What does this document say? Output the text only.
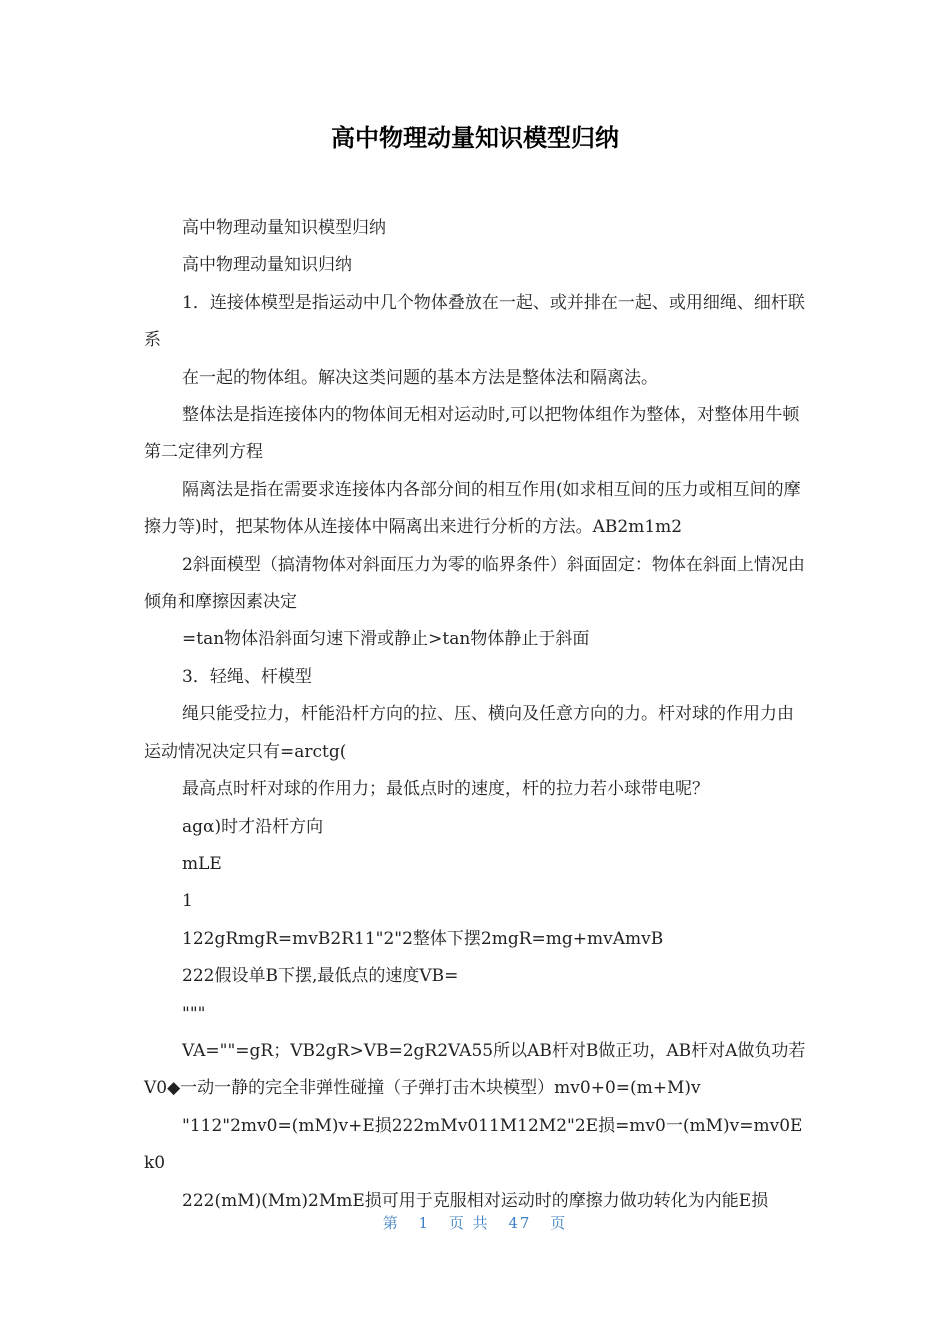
高中物理动量知识模型归纳

高中物理动量知识模型归纳

高中物理动量知识归纳

1．连接体模型是指运动中几个物体叠放在一起、或并排在一起、或用细绳、细杆联系

在一起的物体组。解决这类问题的基本方法是整体法和隔离法。

整体法是指连接体内的物体间无相对运动时,可以把物体组作为整体，对整体用牛顿第二定律列方程

隔离法是指在需要求连接体内各部分间的相互作用(如求相互间的压力或相互间的摩擦力等)时，把某物体从连接体中隔离出来进行分析的方法。AB2m1m2

2斜面模型（搞清物体对斜面压力为零的临界条件）斜面固定：物体在斜面上情况由倾角和摩擦因素决定

=tan物体沿斜面匀速下滑或静止>tan物体静止于斜面

3．轻绳、杆模型

绳只能受拉力，杆能沿杆方向的拉、压、横向及任意方向的力。杆对球的作用力由运动情况决定只有=arctg(

最高点时杆对球的作用力；最低点时的速度，杆的拉力若小球带电呢？

agα)时才沿杆方向

mLE

1

122gRmgR=mvB2R11"2"2整体下摆2mgR=mg+mvAmvB

222假设单B下摆,最低点的速度VB=

"""

VA=""=gR；VB2gR>VB=2gR2VA55所以AB杆对B做正功，AB杆对A做负功若V0◆一动一静的完全非弹性碰撞（子弹打击木块模型）mv0+0=(m+M)v

"112"2mv0=(mM)v+E损222mMv011M12M2"2E损=mv0一(mM)v=mv0Ek0

222(mM)(Mm)2MmE损可用于克服相对运动时的摩擦力做功转化为内能E损

第 1 页 共 47 页
